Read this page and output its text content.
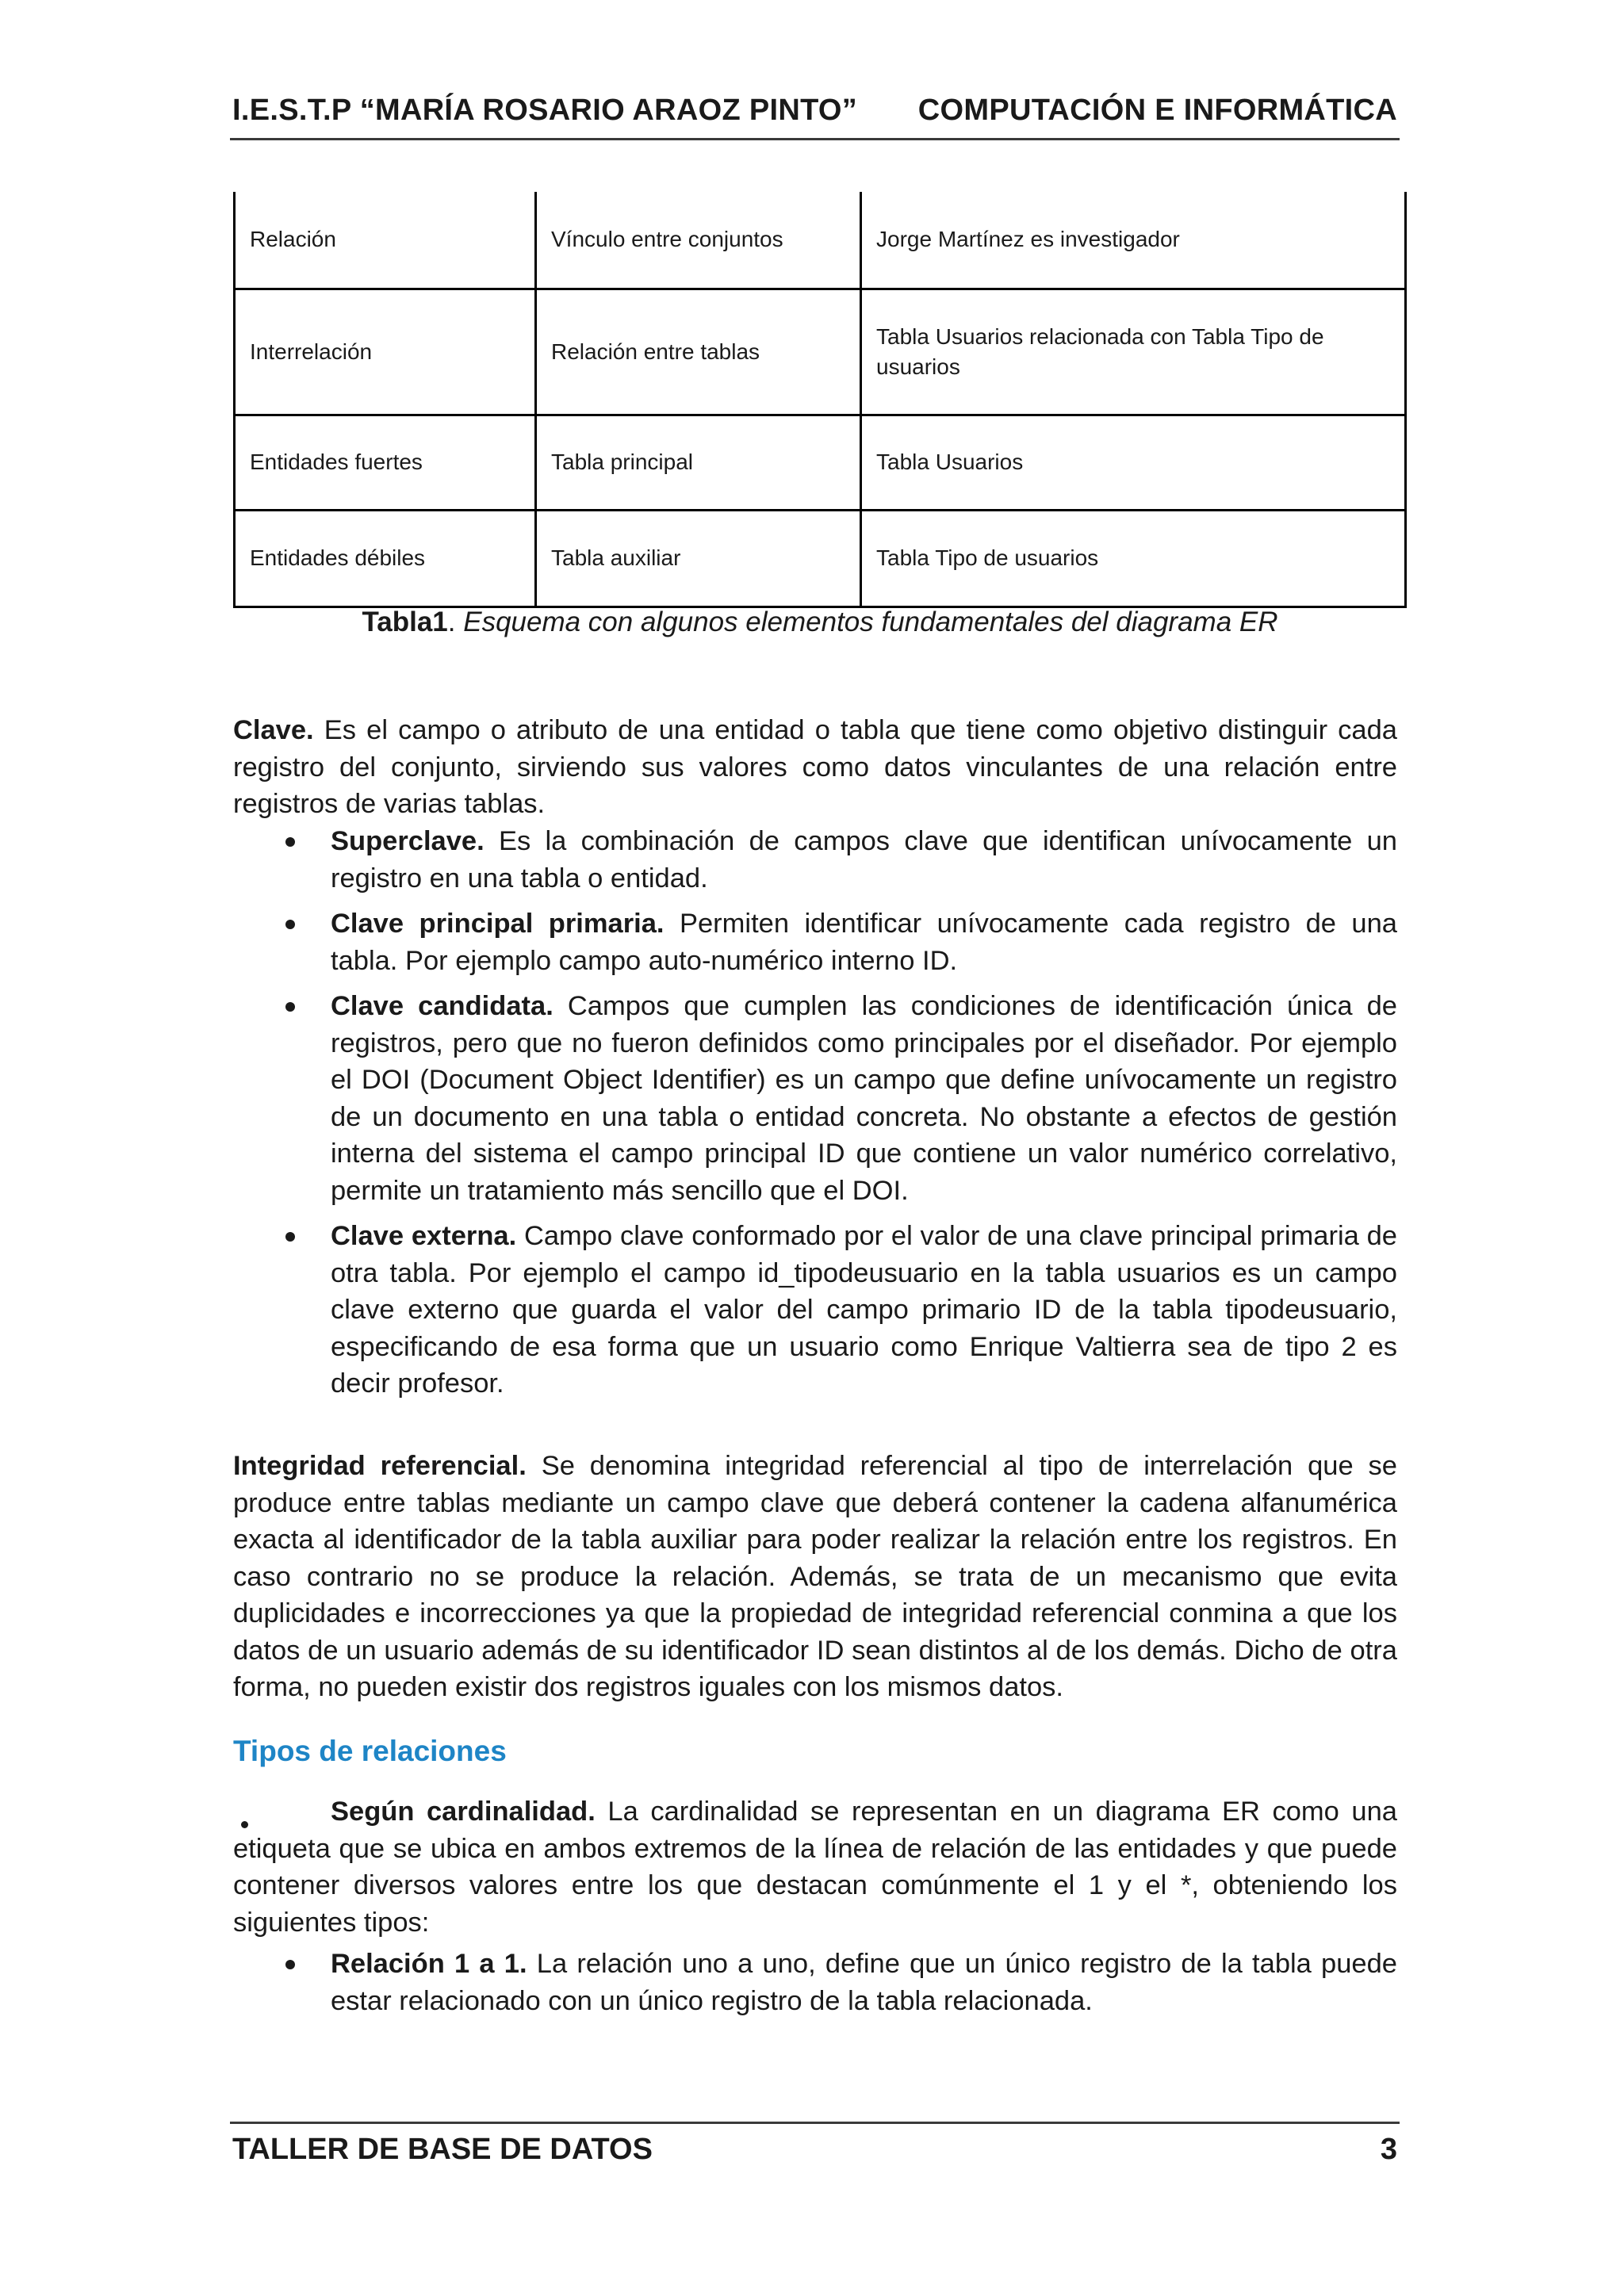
I.E.S.T.P “MARÍA ROSARIO ARAOZ PINTO” COMPUTACIÓN E INFORMÁTICA
Relación	Vínculo entre conjuntos	Jorge Martínez es investigador
Interrelación	Relación entre tablas	Tabla Usuarios relacionada con Tabla Tipo de usuarios
Entidades fuertes	Tabla principal	Tabla Usuarios
Entidades débiles	Tabla auxiliar	Tabla Tipo de usuarios
Tabla1. Esquema con algunos elementos fundamentales del diagrama ER
Clave. Es el campo o atributo de una entidad o tabla que tiene como objetivo distinguir cada registro del conjunto, sirviendo sus valores como datos vinculantes de una relación entre registros de varias tablas.
Superclave. Es la combinación de campos clave que identifican unívocamente un registro en una tabla o entidad.
Clave principal primaria. Permiten identificar unívocamente cada registro de una tabla. Por ejemplo campo auto-numérico interno ID.
Clave candidata. Campos que cumplen las condiciones de identificación única de registros, pero que no fueron definidos como principales por el diseñador. Por ejemplo el DOI (Document Object Identifier) es un campo que define unívocamente un registro de un documento en una tabla o entidad concreta. No obstante a efectos de gestión interna del sistema el campo principal ID que contiene un valor numérico correlativo, permite un tratamiento más sencillo que el DOI.
Clave externa. Campo clave conformado por el valor de una clave principal primaria de otra tabla. Por ejemplo el campo id_tipodeusuario en la tabla usuarios es un campo clave externo que guarda el valor del campo primario ID de la tabla tipodeusuario, especificando de esa forma que un usuario como Enrique Valtierra sea de tipo 2 es decir profesor.
Integridad referencial. Se denomina integridad referencial al tipo de interrelación que se produce entre tablas mediante un campo clave que deberá contener la cadena alfanumérica exacta al identificador de la tabla auxiliar para poder realizar la relación entre los registros. En caso contrario no se produce la relación. Además, se trata de un mecanismo que evita duplicidades e incorrecciones ya que la propiedad de integridad referencial conmina a que los datos de un usuario además de su identificador ID sean distintos al de los demás. Dicho de otra forma, no pueden existir dos registros iguales con los mismos datos.
Tipos de relaciones
Según cardinalidad. La cardinalidad se representan en un diagrama ER como una etiqueta que se ubica en ambos extremos de la línea de relación de las entidades y que puede contener diversos valores entre los que destacan comúnmente el 1 y el *, obteniendo los siguientes tipos:
Relación 1 a 1. La relación uno a uno, define que un único registro de la tabla puede estar relacionado con un único registro de la tabla relacionada.
TALLER DE BASE DE DATOS	3
